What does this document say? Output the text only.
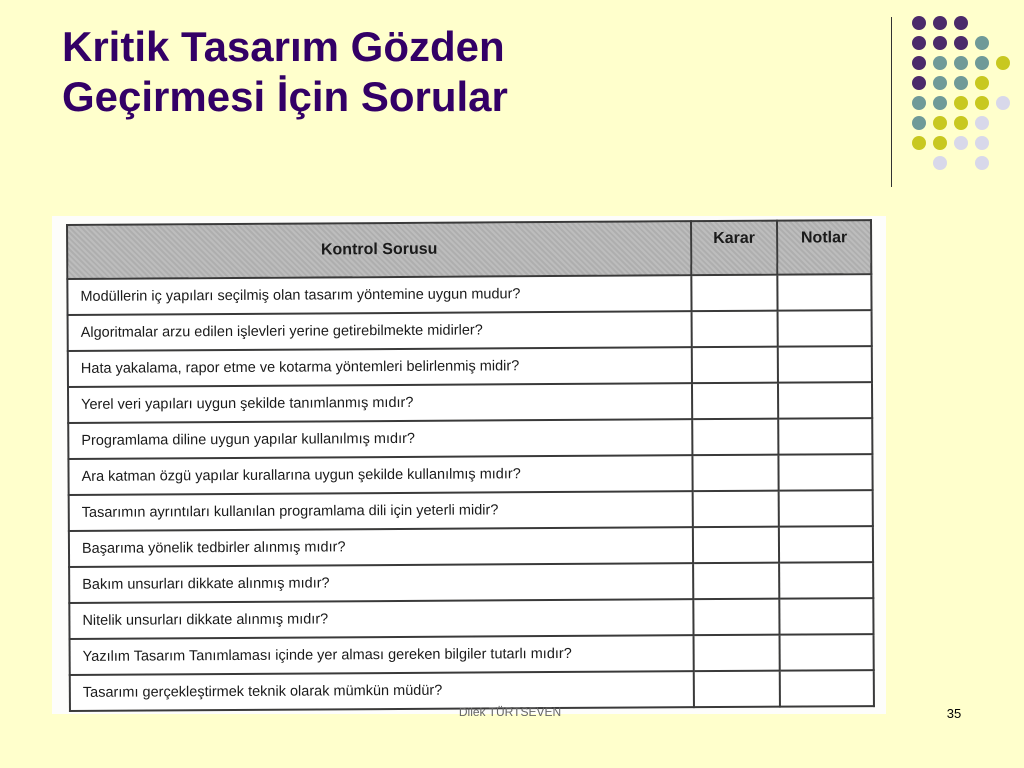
Kritik Tasarım Gözden
Geçirmesi İçin Sorular
Kontrol Sorusu	Karar	Notlar
Modüllerin iç yapıları seçilmiş olan tasarım yöntemine uygun mudur?		
Algoritmalar arzu edilen işlevleri yerine getirebilmekte midirler?		
Hata yakalama, rapor etme ve kotarma yöntemleri belirlenmiş midir?		
Yerel veri yapıları uygun şekilde tanımlanmış mıdır?		
Programlama diline uygun yapılar kullanılmış mıdır?		
Ara katman özgü yapılar kurallarına uygun şekilde kullanılmış mıdır?		
Tasarımın ayrıntıları kullanılan programlama dili için yeterli midir?		
Başarıma yönelik tedbirler alınmış mıdır?		
Bakım unsurları dikkate alınmış mıdır?		
Nitelik unsurları dikkate alınmış mıdır?		
Yazılım Tasarım Tanımlaması içinde yer alması gereken bilgiler tutarlı mıdır?		
Tasarımı gerçekleştirmek teknik olarak mümkün müdür?		
Dilek TÜRTSEVEN	35
